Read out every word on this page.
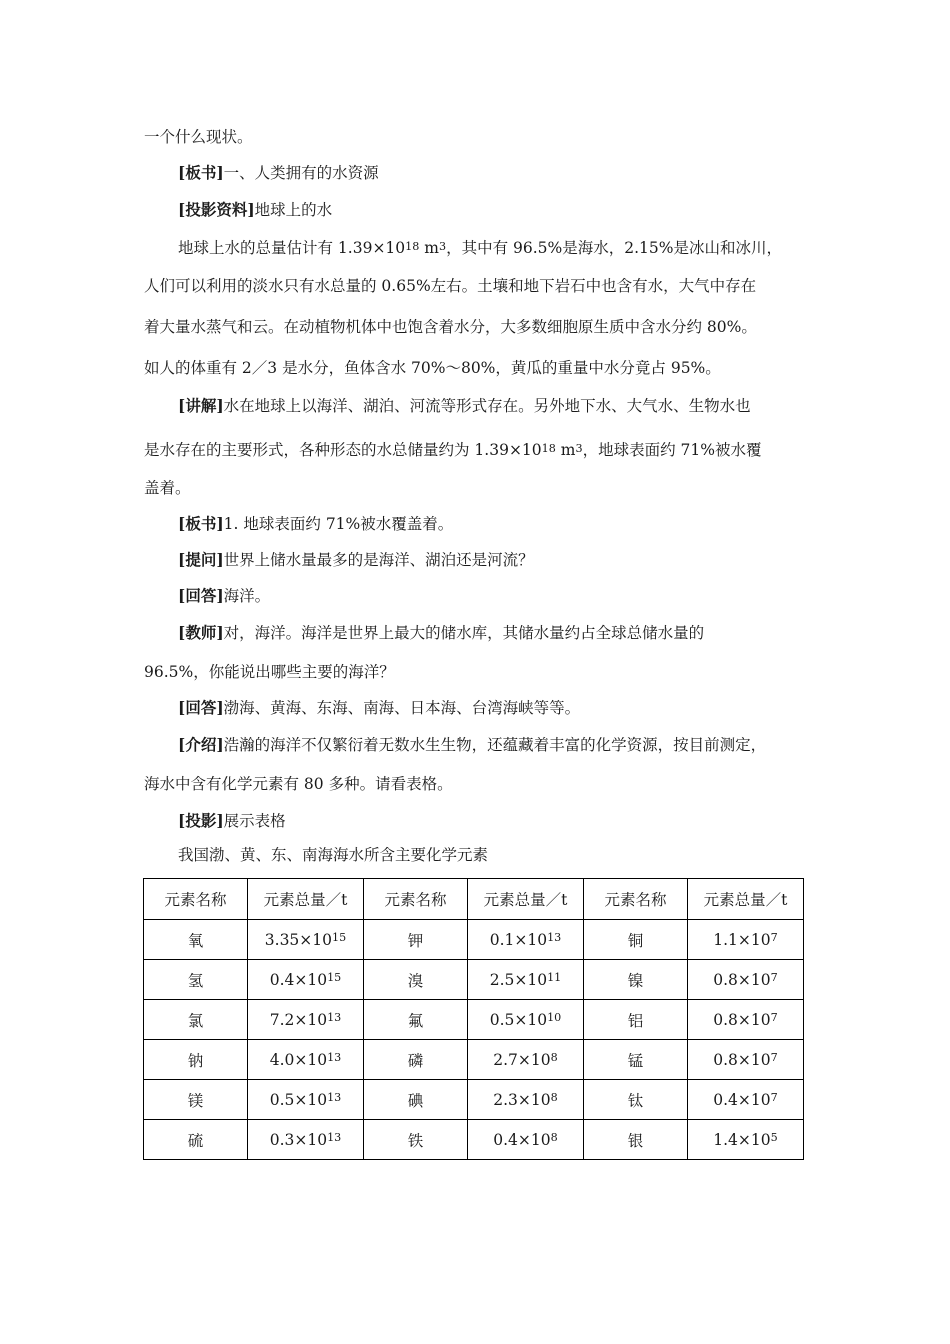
一个什么现状。
[板书]一、人类拥有的水资源
[投影资料]地球上的水
地球上水的总量估计有 $1.39\times 10^{18}$ $m^3$，其中有 96.5%是海水，2.15%是冰山和冰川，
人们可以利用的淡水只有水总量的 0.65%左右。土壤和地下岩石中也含有水，大气中存在
着大量水蒸气和云。在动植物机体中也饱含着水分，大多数细胞原生质中含水分约 80%。
如人的体重有 2／3 是水分，鱼体含水 70%～80%，黄瓜的重量中水分竟占 95%。
[讲解]水在地球上以海洋、湖泊、河流等形式存在。另外地下水、大气水、生物水也
是水存在的主要形式，各种形态的水总储量约为 $1.39\times 10^{18}$ $m^3$，地球表面约 71%被水覆
盖着。
[板书]1. 地球表面约 71%被水覆盖着。
[提问]世界上储水量最多的是海洋、湖泊还是河流？
[回答]海洋。
[教师]对，海洋。海洋是世界上最大的储水库，其储水量约占全球总储水量的
96.5%，你能说出哪些主要的海洋？
[回答]渤海、黄海、东海、南海、日本海、台湾海峡等等。
[介绍]浩瀚的海洋不仅繁衍着无数水生生物，还蕴藏着丰富的化学资源，按目前测定，
海水中含有化学元素有 80 多种。请看表格。
[投影]展示表格
我国渤、黄、东、南海海水所含主要化学元素
元素名称	元素总量／t	元素名称	元素总量／t	元素名称	元素总量／t
氧	$3.35\times 10^{15}$	钾	$0.1\times 10^{13}$	铜	$1.1\times 10^7$
氢	$0.4\times 10^{15}$	溴	$2.5\times 10^{11}$	镍	$0.8\times 10^7$
氯	$7.2\times 10^{13}$	氟	$0.5\times 10^{10}$	铝	$0.8\times 10^7$
钠	$4.0\times 10^{13}$	磷	$2.7\times 10^8$	锰	$0.8\times 10^7$
镁	$0.5\times 10^{13}$	碘	$2.3\times 10^8$	钛	$0.4\times 10^7$
硫	$0.3\times 10^{13}$	铁	$0.4\times 10^8$	银	$1.4\times 10^5$
